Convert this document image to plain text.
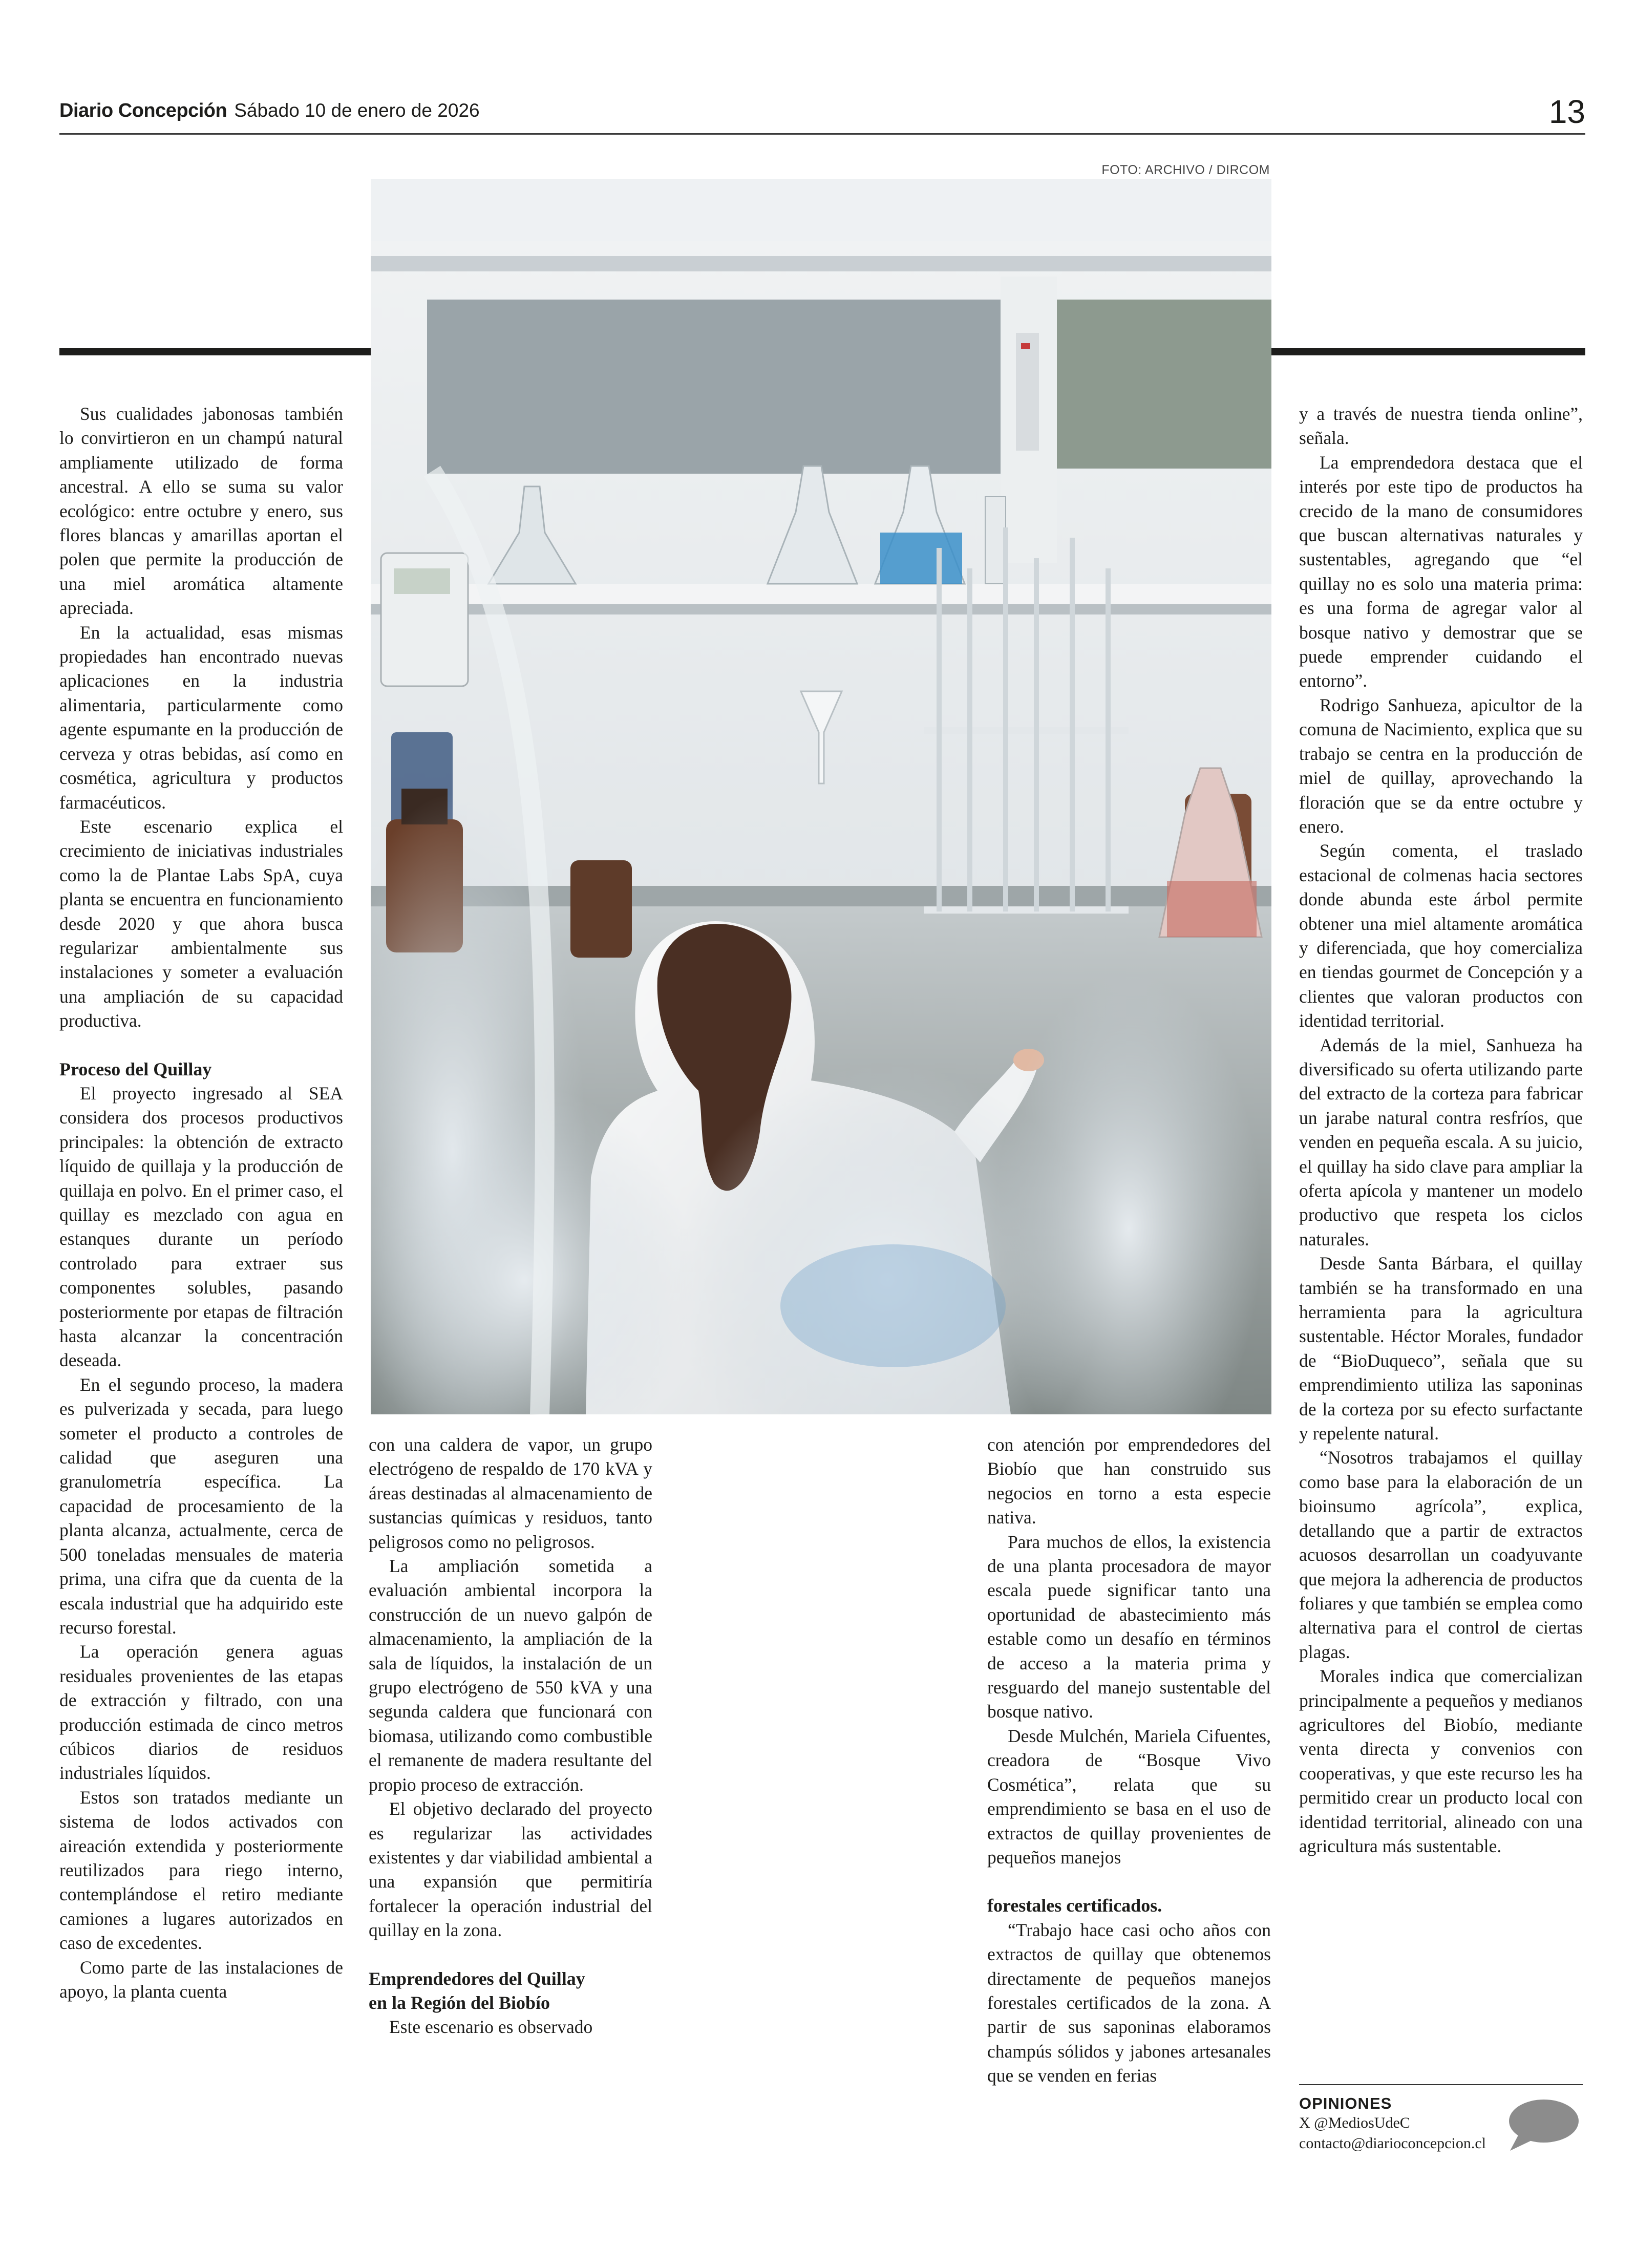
Diario Concepción Sábado 10 de enero de 2026	13
FOTO: ARCHIVO / DIRCOM

Sus cualidades jabonosas también lo convirtieron en un champú natural ampliamente utilizado de forma ancestral. A ello se suma su valor ecológico: entre octubre y enero, sus flores blancas y amarillas aportan el polen que permite la producción de una miel aromática altamente apreciada.

En la actualidad, esas mismas propiedades han encontrado nuevas aplicaciones en la industria alimentaria, particularmente como agente espumante en la producción de cerveza y otras bebidas, así como en cosmética, agricultura y productos farmacéuticos.

Este escenario explica el crecimiento de iniciativas industriales como la de Plantae Labs SpA, cuya planta se encuentra en funcionamiento desde 2020 y que ahora busca regularizar ambientalmente sus instalaciones y someter a evaluación una ampliación de su capacidad productiva.

Proceso del Quillay

El proyecto ingresado al SEA considera dos procesos productivos principales: la obtención de extracto líquido de quillaja y la producción de quillaja en polvo. En el primer caso, el quillay es mezclado con agua en estanques durante un período controlado para extraer sus componentes solubles, pasando posteriormente por etapas de filtración hasta alcanzar la concentración deseada.

En el segundo proceso, la madera es pulverizada y secada, para luego someter el producto a controles de calidad que aseguren una granulometría específica. La capacidad de procesamiento de la planta alcanza, actualmente, cerca de 500 toneladas mensuales de materia prima, una cifra que da cuenta de la escala industrial que ha adquirido este recurso forestal.

La operación genera aguas residuales provenientes de las etapas de extracción y filtrado, con una producción estimada de cinco metros cúbicos diarios de residuos industriales líquidos.

Estos son tratados mediante un sistema de lodos activados con aireación extendida y posteriormente reutilizados para riego interno, contemplándose el retiro mediante camiones a lugares autorizados en caso de excedentes.

Como parte de las instalaciones de apoyo, la planta cuenta

con una caldera de vapor, un grupo electrógeno de respaldo de 170 kVA y áreas destinadas al almacenamiento de sustancias químicas y residuos, tanto peligrosos como no peligrosos.

La ampliación sometida a evaluación ambiental incorpora la construcción de un nuevo galpón de almacenamiento, la ampliación de la sala de líquidos, la instalación de un grupo electrógeno de 550 kVA y una segunda caldera que funcionará con biomasa, utilizando como combustible el remanente de madera resultante del propio proceso de extracción.

El objetivo declarado del proyecto es regularizar las actividades existentes y dar viabilidad ambiental a una expansión que permitiría fortalecer la operación industrial del quillay en la zona.

Emprendedores del Quillay
en la Región del Biobío

Este escenario es observado

con atención por emprendedores del Biobío que han construido sus negocios en torno a esta especie nativa.

Para muchos de ellos, la existencia de una planta procesadora de mayor escala puede significar tanto una oportunidad de abastecimiento más estable como un desafío en términos de acceso a la materia prima y resguardo del manejo sustentable del bosque nativo.

Desde Mulchén, Mariela Cifuentes, creadora de “Bosque Vivo Cosmética”, relata que su emprendimiento se basa en el uso de extractos de quillay provenientes de pequeños manejos

forestales certificados.

“Trabajo hace casi ocho años con extractos de quillay que obtenemos directamente de pequeños manejos forestales certificados de la zona. A partir de sus saponinas elaboramos champús sólidos y jabones artesanales que se venden en ferias

y a través de nuestra tienda online”, señala.

La emprendedora destaca que el interés por este tipo de productos ha crecido de la mano de consumidores que buscan alternativas naturales y sustentables, agregando que “el quillay no es solo una materia prima: es una forma de agregar valor al bosque nativo y demostrar que se puede emprender cuidando el entorno”.

Rodrigo Sanhueza, apicultor de la comuna de Nacimiento, explica que su trabajo se centra en la producción de miel de quillay, aprovechando la floración que se da entre octubre y enero.

Según comenta, el traslado estacional de colmenas hacia sectores donde abunda este árbol permite obtener una miel altamente aromática y diferenciada, que hoy comercializa en tiendas gourmet de Concepción y a clientes que valoran productos con identidad territorial.

Además de la miel, Sanhueza ha diversificado su oferta utilizando parte del extracto de la corteza para fabricar un jarabe natural contra resfríos, que venden en pequeña escala. A su juicio, el quillay ha sido clave para ampliar la oferta apícola y mantener un modelo productivo que respeta los ciclos naturales.

Desde Santa Bárbara, el quillay también se ha transformado en una herramienta para la agricultura sustentable. Héctor Morales, fundador de “BioDuqueco”, señala que su emprendimiento utiliza las saponinas de la corteza por su efecto surfactante y repelente natural.

“Nosotros trabajamos el quillay como base para la elaboración de un bioinsumo agrícola”, explica, detallando que a partir de extractos acuosos desarrollan un coadyuvante que mejora la adherencia de productos foliares y que también se emplea como alternativa para el control de ciertas plagas.

Morales indica que comercializan principalmente a pequeños y medianos agricultores del Biobío, mediante venta directa y convenios con cooperativas, y que este recurso les ha permitido crear un producto local con identidad territorial, alineado con una agricultura más sustentable.

OPINIONES
X @MediosUdeC
contacto@diarioconcepcion.cl
